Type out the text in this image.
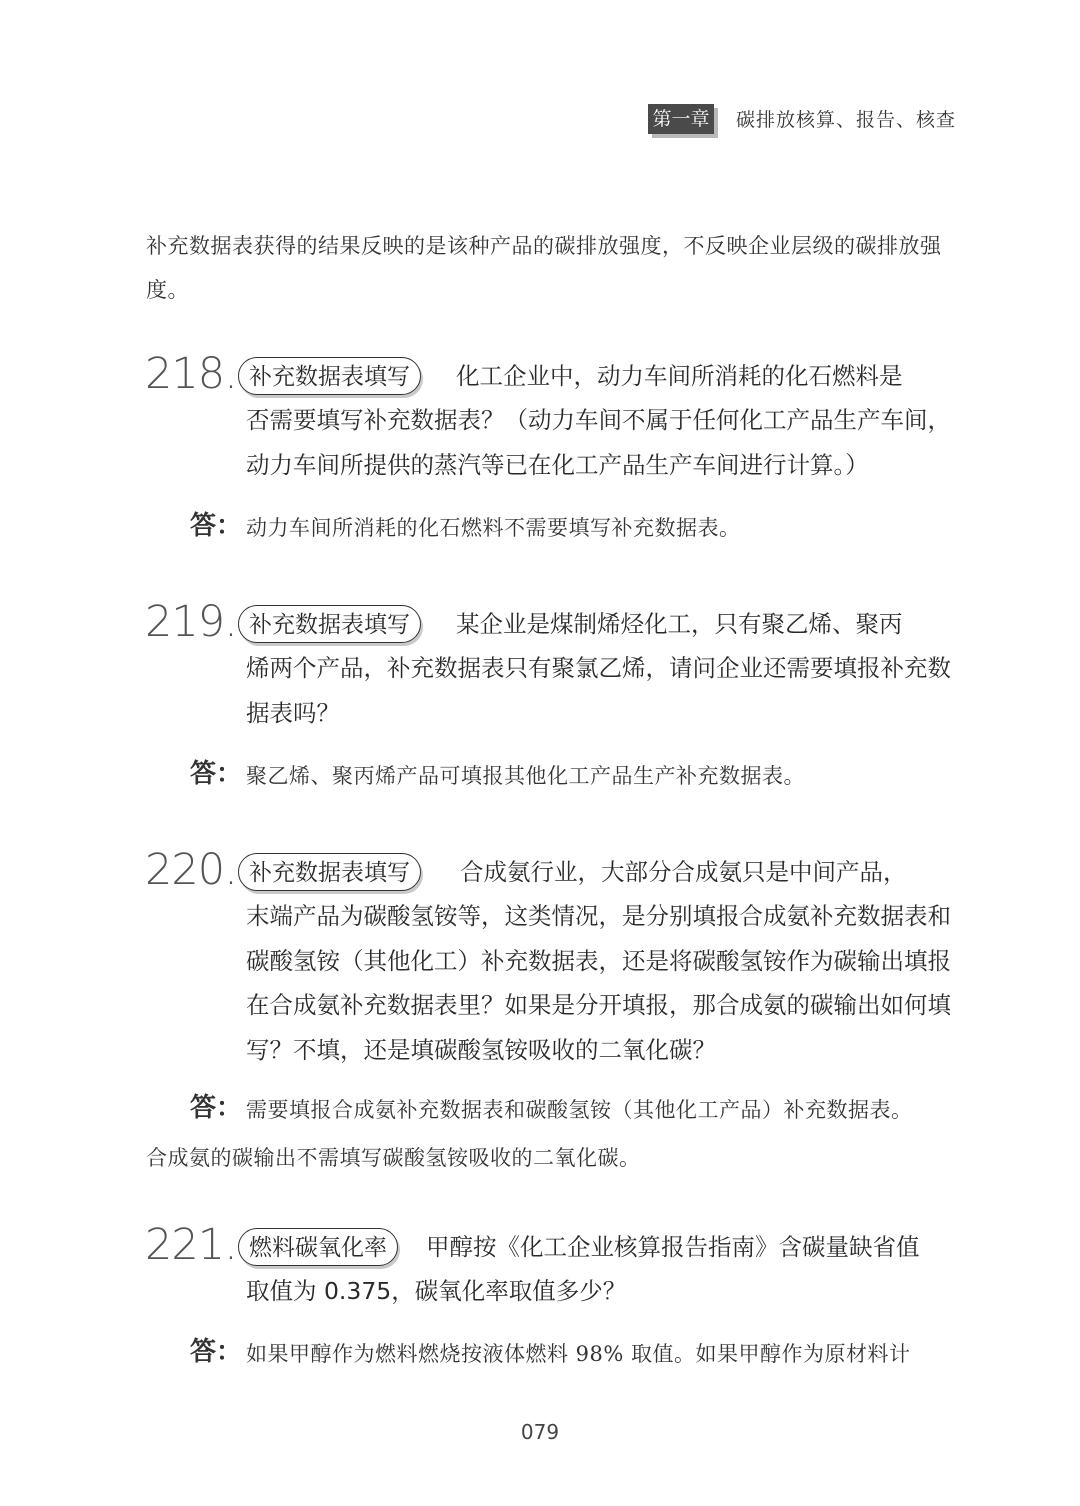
第一章 碳排放核算、报告、核查

补充数据表获得的结果反映的是该种产品的碳排放强度，不反映企业层级的碳排放强度。

218. 补充数据表填写	化工企业中，动力车间所消耗的化石燃料是

否需要填写补充数据表？（动力车间不属于任何化工产品生产车间，动力车间所提供的蒸汽等已在化工产品生产车间进行计算。）

答： 动力车间所消耗的化石燃料不需要填写补充数据表。

219. 补充数据表填写	某企业是煤制烯烃化工，只有聚乙烯、聚丙

烯两个产品，补充数据表只有聚氯乙烯，请问企业还需要填报补充数据表吗？

答： 聚乙烯、聚丙烯产品可填报其他化工产品生产补充数据表。

220. 补充数据表填写	合成氨行业，大部分合成氨只是中间产品，

末端产品为碳酸氢铵等，这类情况，是分别填报合成氨补充数据表和碳酸氢铵（其他化工）补充数据表，还是将碳酸氢铵作为碳输出填报在合成氨补充数据表里？如果是分开填报，那合成氨的碳输出如何填写？不填，还是填碳酸氢铵吸收的二氧化碳？

答： 需要填报合成氨补充数据表和碳酸氢铵（其他化工产品）补充数据表。

合成氨的碳输出不需填写碳酸氢铵吸收的二氧化碳。

221. 燃料碳氧化率	甲醇按《化工企业核算报告指南》含碳量缺省值

取值为 0.375，碳氧化率取值多少？

答： 如果甲醇作为燃料燃烧按液体燃料 98% 取值。如果甲醇作为原材料计

079
